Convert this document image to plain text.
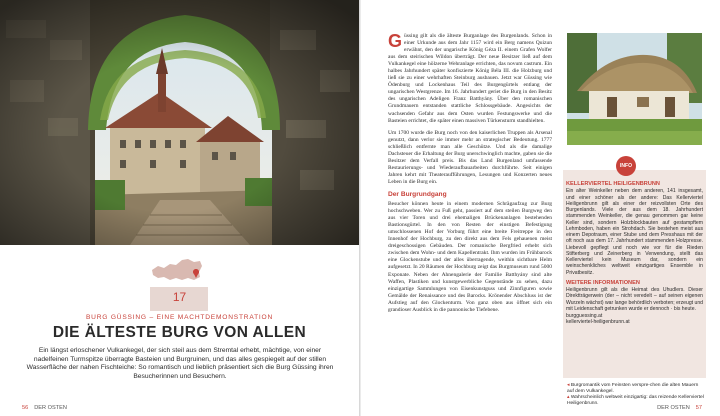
17
BURG GÜSSING – EINE MACHTDEMONSTRATION
DIE ÄLTESTE BURG VON ALLEN
Ein längst erloschener Vulkankegel, der sich steil aus dem Stremtal erhebt, mächtige, von einer nadelfeinen Turmspitze überragte Basteien und Burgruinen, und das alles gespiegelt auf der stillen Wasserfläche der nahen Fischteiche: So romantisch und lieblich präsentiert sich die Burg Güssing ihren Besucherinnen und Besuchern.
56 DER OSTEN

Güssing gilt als die älteste Burganlage des Burgenlands. Schon in einer Urkunde aus dem Jahr 1157 wird ein Berg namens Quizun erwähnt, den der ungarische König Géza II. einem Grafen Wolfer aus dem steirischen Wildon überträgt. Der neue Besitzer ließ auf dem Vulkankegel eine hölzerne Wehranlage errichten, das novum castrum. Ein halbes Jahrhundert später konfiszierte König Béla III. die Holzburg und ließ sie zu einer wehrhaften Steinburg ausbauen. Jetzt war Güssing wie Ödenburg und Lockenhaus Teil des Burgengürtels entlang der ungarischen Westgrenze. Im 16. Jahrhundert geriet die Burg in den Besitz des ungarischen Adeligen Franz Batthyány. Über den romanischen Grundmauern entstanden stattliche Schlossgebäude. Angesichts der wachsenden Gefahr aus dem Osten wurden Festungswerke und die Basteien errichtet, die später einen massiven Türkensturm standhielten.

Um 1700 wurde die Burg noch von den kaiserlichen Truppen als Arsenal genutzt, dann verlor sie immer mehr an strategischer Bedeutung. 1777 schließlich entfernte man alle Geschütze. Und als die damalige Dachsteuer die Erhaltung der Burg unerschwinglich machte, gaben sie die Besitzer dem Verfall preis. Bis das Land Burgenland umfassende Restaurierungs- und Wiederaufbauarbeiten durchführte. Seit einigen Jahren kehrt mit Theateraufführungen, Lesungen und Konzerten neues Leben in die Burg ein.

Der Burgrundgang

Besucher können heute in einem modernen Schrägaufzug zur Burg hochschweben. Wer zu Fuß geht, passiert auf dem steilen Burgweg den aus vier Toren und drei ehemaligen Brückenanlagen bestehenden Bastionsgürtel. In den von Resten der einstigen Befestigung umschlossenen Hof der Vorburg führt eine breite Freitreppe in den Innenhof der Hochburg, zu den direkt aus dem Fels gehauenen meist dreigeschossigen Gebäuden. Der romanische Bergfried erhebt sich zwischen dem Wohn- und dem Kapellentrakt. Ihm wurden im Frühbarock eine Glockenstube und der alles überragende, weithin sichtbare Helm aufgesetzt. In 20 Räumen der Hochburg zeigt das Burgmuseum rund 5000 Exponate. Neben der Ahnengalerie der Familie Batthyány sind alte Waffen, Plastiken und kunstgewerbliche Gegenstände zu sehen, dazu einzigartige Sammlungen von Eisenkunstguss und Zinnfiguren sowie Gemälde der Renaissance und des Barocks. Krönender Abschluss ist der Aufstieg auf den Glockenturm. Von ganz oben aus öffnet sich ein grandioser Ausblick in die pannonische Tiefebene.

INFO
KELLERVIERTEL HEILIGENBRUNN

Ein alter Weinkeller neben dem anderen, 141 insgesamt, und einer schöner als der andere: Das Kellerviertel Heiligenbrunn gilt als einer der reizvollsten Orte des Burgenlands. Viele der aus dem 18. Jahrhundert stammenden Weinkeller, die genau genommen gar keine Keller sind, sondern Holzblockbauten auf gestampftem Lehmboden, haben ein Strohdach. Sie bestehen meist aus einem Depotraum, einer Stube und dem Presshaus mit der oft noch aus dem 17. Jahrhundert stammenden Holzpresse. Liebevoll gepflegt und noch wie vor für die Rieden Stifterberg und Zeinerberg in Verwendung, stellt das Kellerviertel kein Museum dar, sondern ein weinschenkliches weltweit einzigartiges Ensemble in Privatbesitz.

WEITERE INFORMATIONEN

Heiligenbrunn gilt als die Heimat des Uhudlers. Dieser Direktträgerwein (der – nicht veredelt – auf seinen eigenen Wurzeln wächst) war lange behördlich verboten; erzeugt und mit Leidenschaft getrunken wurde er dennoch · bis heute.

burgguessing.at
kellerviertel-heiligenbrunn.at
◂ Burgromantik vom Feinsten verspre-chen die alten Mauern auf dem Vulkankegel.
▴ Wahrscheinlich weltweit einzigartig: das reizende Kellerviertel Heiligenbrunn.
DER OSTEN 57
